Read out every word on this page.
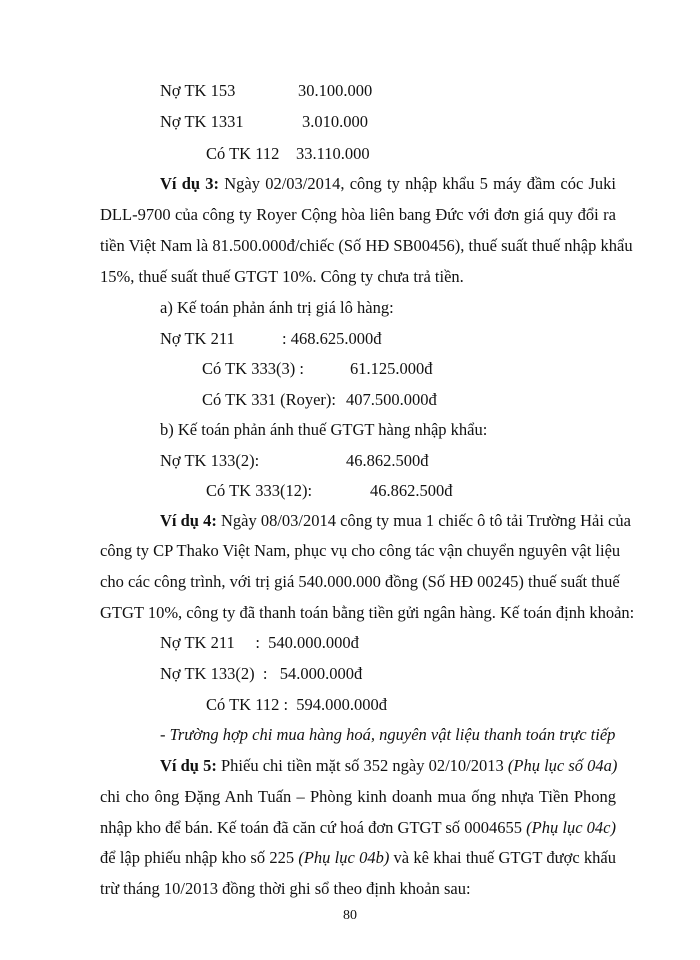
Nợ TK 153	30.100.000
Nợ TK 1331	3.010.000
Có TK 112 33.110.000
Ví dụ 3: Ngày 02/03/2014, công ty nhập khẩu 5 máy đầm cóc Juki
DLL-9700 của công ty Royer Cộng hòa liên bang Đức với đơn giá quy đổi ra
tiền Việt Nam là 81.500.000đ/chiếc (Số HĐ SB00456), thuế suất thuế nhập khẩu
15%, thuế suất thuế GTGT 10%. Công ty chưa trả tiền.
a) Kế toán phản ánh trị giá lô hàng:
Nợ TK 211	: 468.625.000đ
Có TK 333(3) :	61.125.000đ
Có TK 331 (Royer): 407.500.000đ
b) Kế toán phản ánh thuế GTGT hàng nhập khẩu:
Nợ TK 133(2):	46.862.500đ
Có TK 333(12):	46.862.500đ
Ví dụ 4: Ngày 08/03/2014 công ty mua 1 chiếc ô tô tải Trường Hải của
công ty CP Thako Việt Nam, phục vụ cho công tác vận chuyển nguyên vật liệu
cho các công trình, với trị giá 540.000.000 đồng (Số HĐ 00245) thuế suất thuế
GTGT 10%, công ty đã thanh toán bằng tiền gửi ngân hàng. Kế toán định khoản:
Nợ TK 211     :  540.000.000đ
Nợ TK 133(2)  :   54.000.000đ
Có TK 112 :  594.000.000đ
- Trường hợp chi mua hàng hoá, nguyên vật liệu thanh toán trực tiếp
Ví dụ 5: Phiếu chi tiền mặt số 352 ngày 02/10/2013 (Phụ lục số 04a)
chi cho ông Đặng Anh Tuấn – Phòng kinh doanh mua ống nhựa Tiền Phong
nhập kho để bán. Kế toán đã căn cứ hoá đơn GTGT số 0004655 (Phụ lục 04c)
để lập phiếu nhập kho số 225 (Phụ lục 04b) và kê khai thuế GTGT được khấu
trừ tháng 10/2013 đồng thời ghi sổ theo định khoản sau:
80
